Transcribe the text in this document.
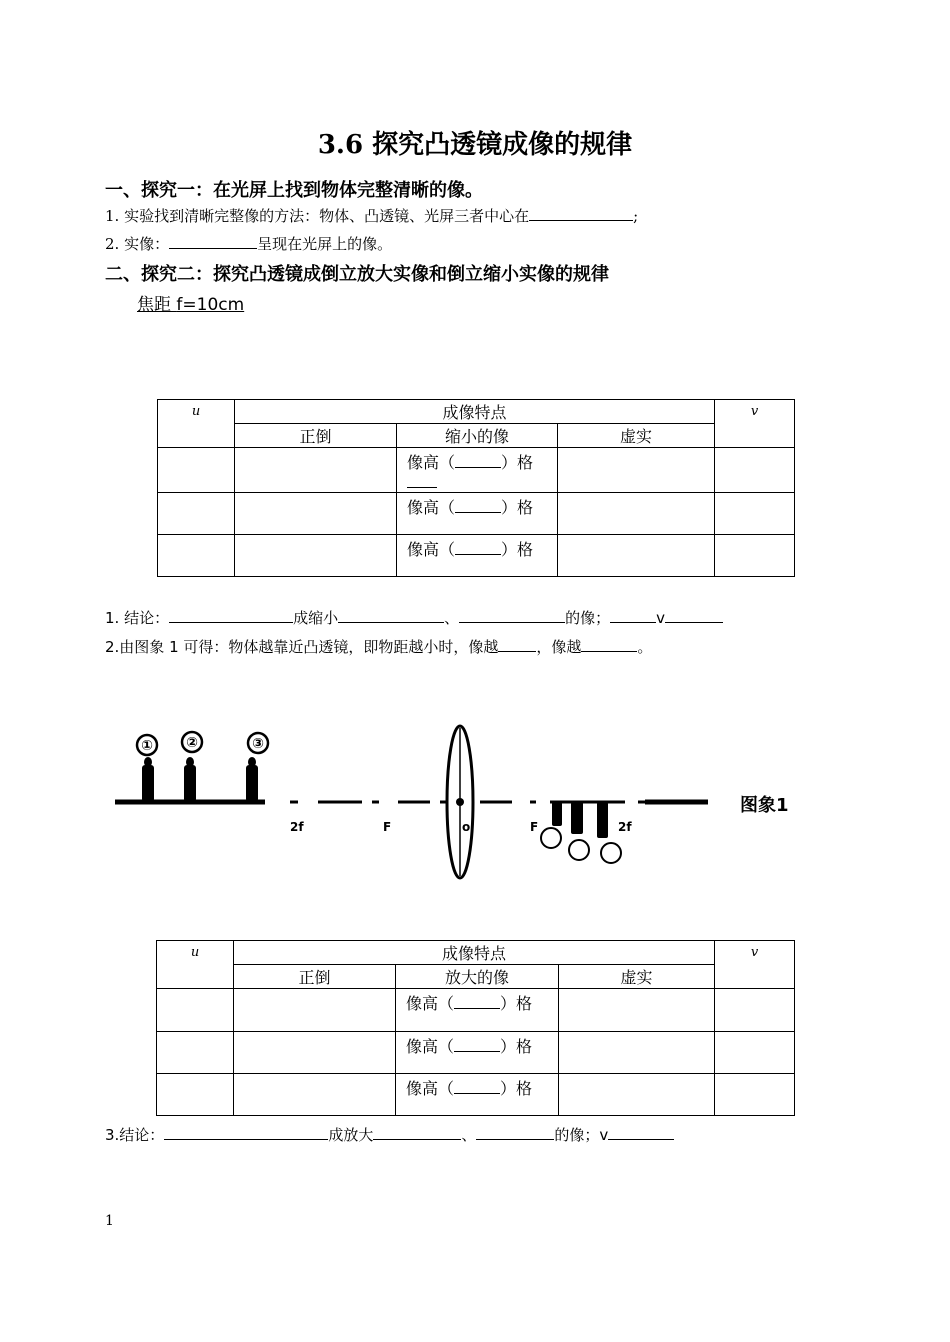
3.6 探究凸透镜成像的规律
一、探究一：在光屏上找到物体完整清晰的像。
1. 实验找到清晰完整像的方法：物体、凸透镜、光屏三者中心在	;
2. 实像：	呈现在光屏上的像。
二、探究二：探究凸透镜成倒立放大实像和倒立缩小实像的规律
焦距 f=10cm
u	成像特点			v
	正倒	缩小的像	虚实	
		像高（ ）格		
		像高（ ）格		
		像高（ ）格		
1. 结论：	成缩小	、	的像；	v
2.由图象 1 可得：物体越靠近凸透镜，即物距越小时，像越	，像越	。
① ②	③
2f	F	o	F	2f
图象1
u	成像特点			v
	正倒	放大的像	虚实	
		像高（ ）格		
		像高（ ）格		
		像高（ ）格		
3.结论：	成放大	、	的像；v
1
